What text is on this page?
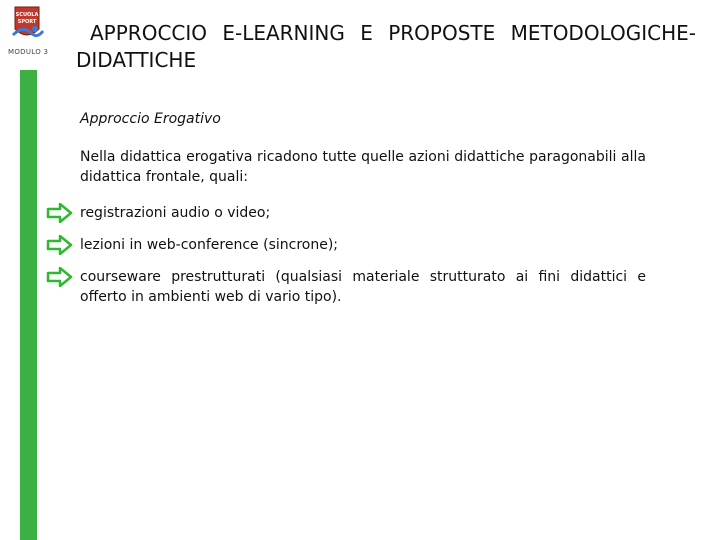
SCUOLA
SPORT
MODULO 3
APPROCCIO E-LEARNING E PROPOSTE METODOLOGICHE-
DIDATTICHE
Approccio Erogativo
Nella didattica erogativa ricadono tutte quelle azioni didattiche paragonabili alla didattica frontale, quali:
registrazioni audio o video;
lezioni in web-conference (sincrone);
courseware prestrutturati (qualsiasi materiale strutturato ai fini didattici e offerto in ambienti web di vario tipo).
